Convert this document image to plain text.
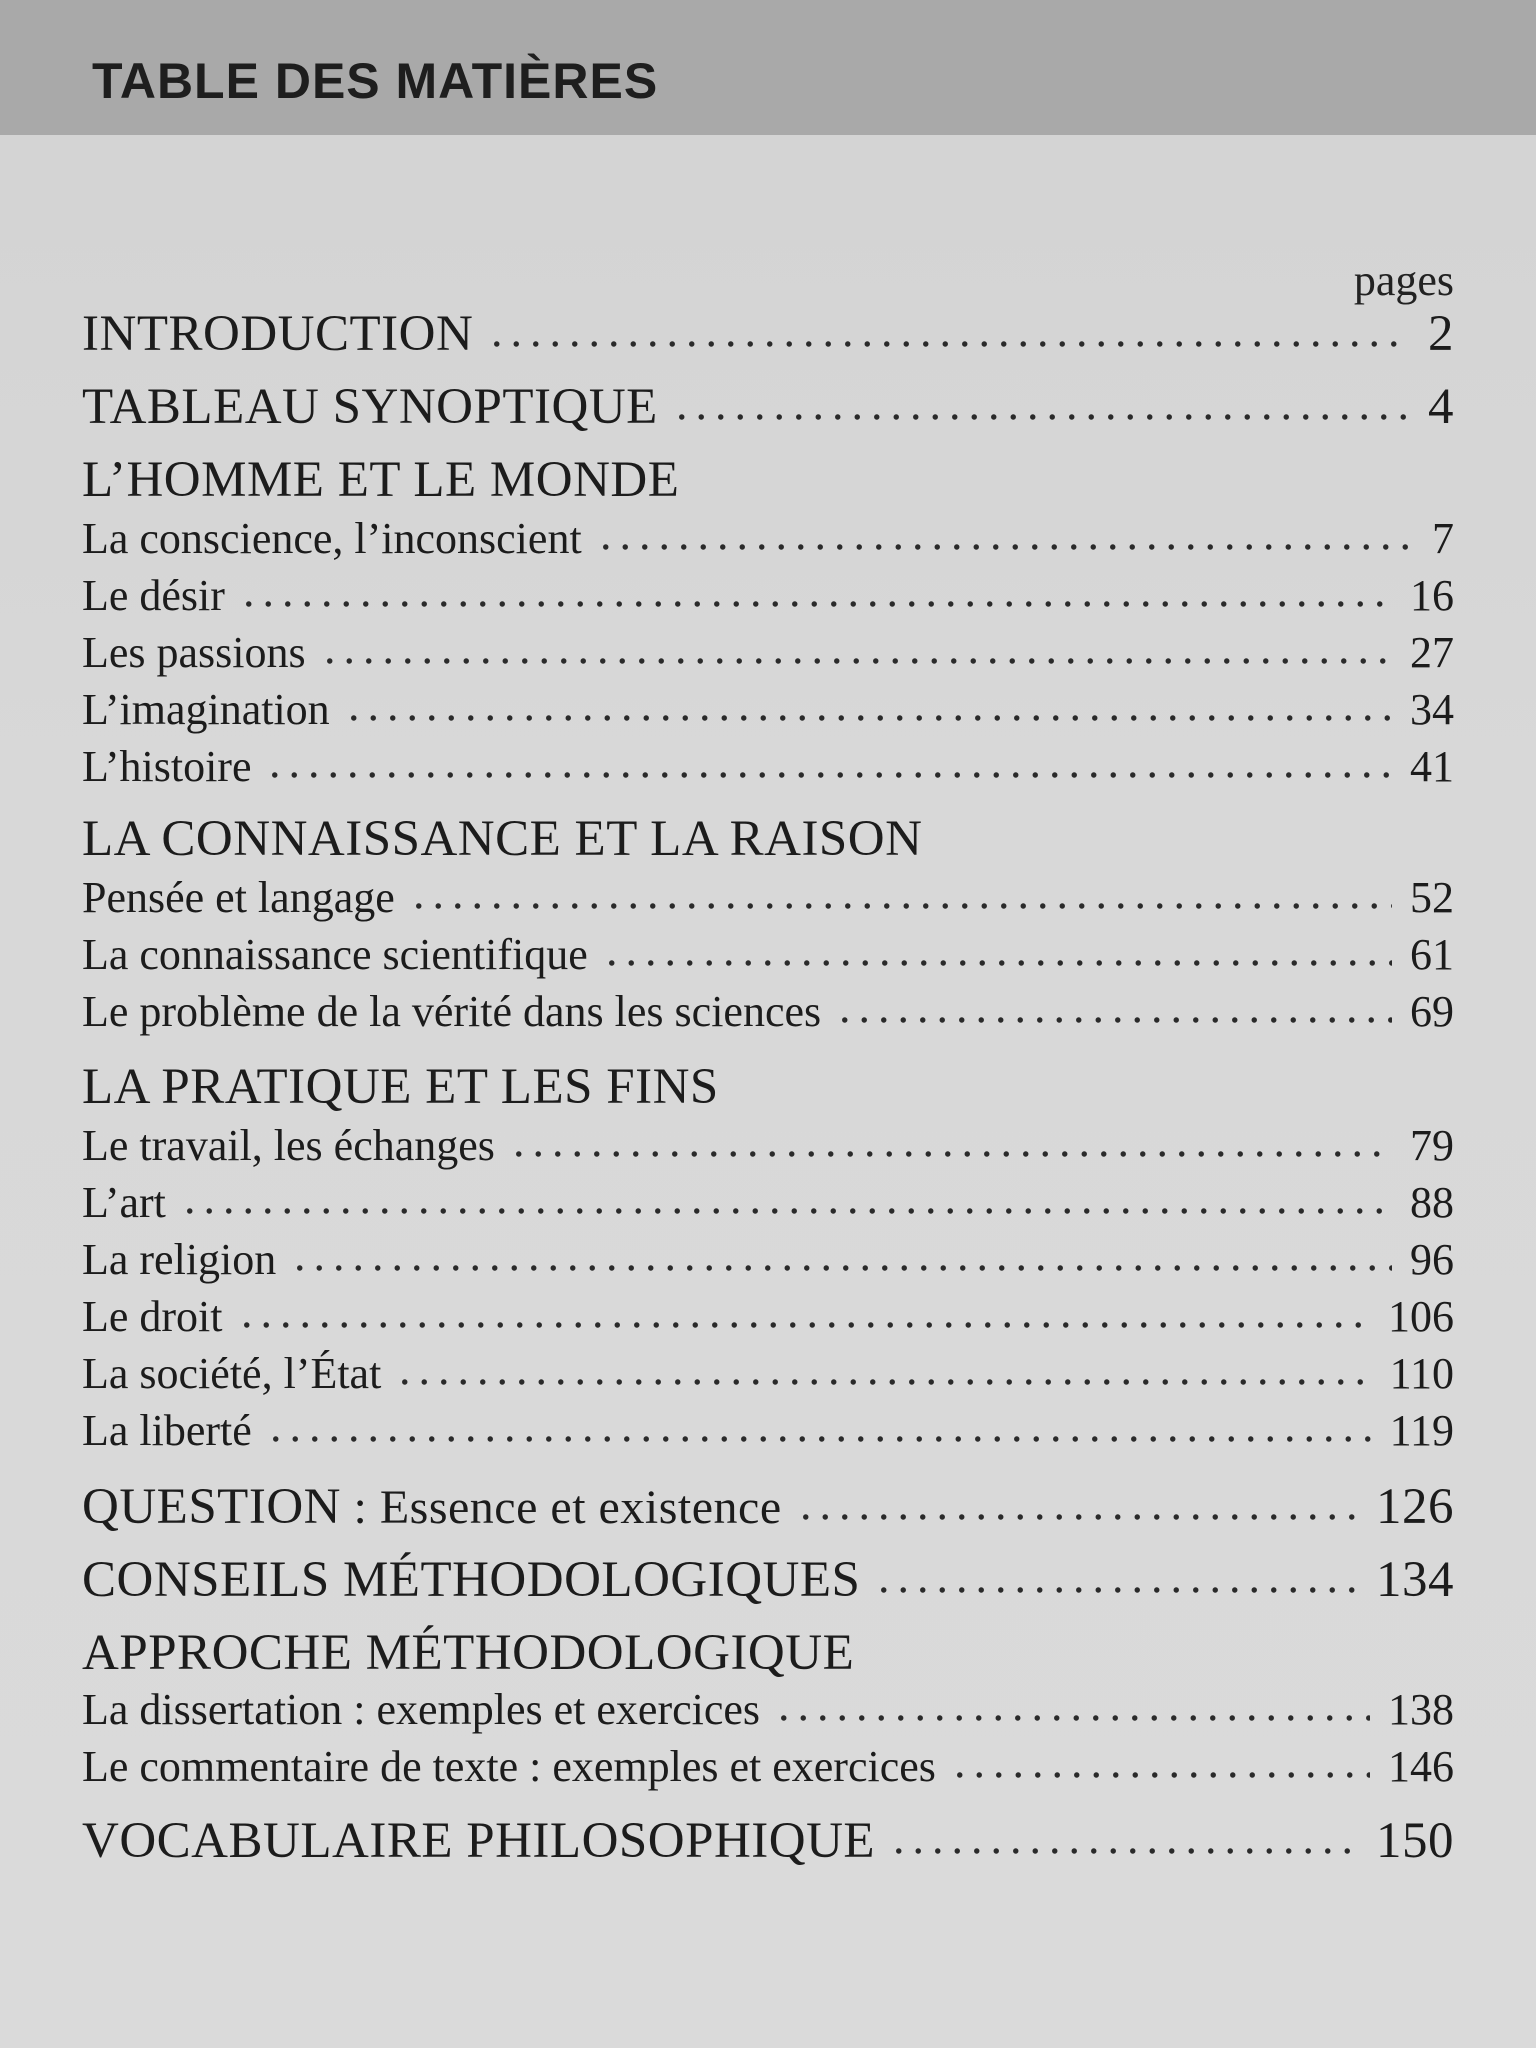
TABLE DES MATIÈRES
pages
INTRODUCTION	2
TABLEAU SYNOPTIQUE	4
L’HOMME ET LE MONDE
La conscience, l’inconscient	7
Le désir	16
Les passions	27
L’imagination	34
L’histoire	41
LA CONNAISSANCE ET LA RAISON
Pensée et langage	52
La connaissance scientifique	61
Le problème de la vérité dans les sciences	69
LA PRATIQUE ET LES FINS
Le travail, les échanges	79
L’art	88
La religion	96
Le droit	106
La société, l’État	110
La liberté	119
QUESTION : Essence et existence	126
CONSEILS MÉTHODOLOGIQUES	134
APPROCHE MÉTHODOLOGIQUE
La dissertation : exemples et exercices	138
Le commentaire de texte : exemples et exercices	146
VOCABULAIRE PHILOSOPHIQUE	150
